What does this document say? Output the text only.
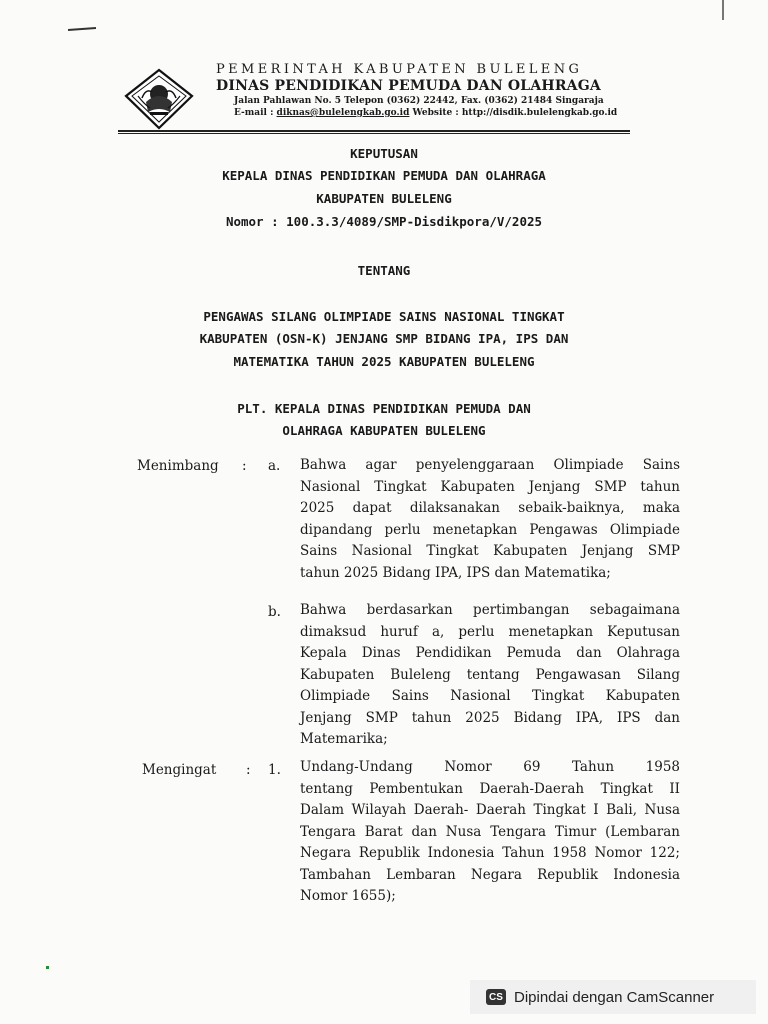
PEMERINTAH KABUPATEN BULELENG
DINAS PENDIDIKAN PEMUDA DAN OLAHRAGA
Jalan Pahlawan No. 5 Telepon (0362) 22442, Fax. (0362) 21484 Singaraja
E-mail : diknas@bulelengkab.go.id Website : http://disdik.bulelengkab.go.id
KEPUTUSAN
KEPALA DINAS PENDIDIKAN PEMUDA DAN OLAHRAGA
KABUPATEN BULELENG
Nomor : 100.3.3/4089/SMP-Disdikpora/V/2025
TENTANG
PENGAWAS SILANG OLIMPIADE SAINS NASIONAL TINGKAT
KABUPATEN (OSN-K) JENJANG SMP BIDANG IPA, IPS DAN
MATEMATIKA TAHUN 2025 KABUPATEN BULELENG
PLT. KEPALA DINAS PENDIDIKAN PEMUDA DAN
OLAHRAGA KABUPATEN BULELENG
Menimbang : a. Bahwa agar penyelenggaraan Olimpiade Sains
Nasional Tingkat Kabupaten Jenjang SMP tahun
2025 dapat dilaksanakan sebaik-baiknya, maka
dipandang perlu menetapkan Pengawas Olimpiade
Sains Nasional Tingkat Kabupaten Jenjang SMP
tahun 2025 Bidang IPA, IPS dan Matematika;
b. Bahwa berdasarkan pertimbangan sebagaimana
dimaksud huruf a, perlu menetapkan Keputusan
Kepala Dinas Pendidikan Pemuda dan Olahraga
Kabupaten Buleleng tentang Pengawasan Silang
Olimpiade Sains Nasional Tingkat Kabupaten
Jenjang SMP tahun 2025 Bidang IPA, IPS dan
Matemarika;
Mengingat : 1. Undang-Undang Nomor 69 Tahun 1958
tentang Pembentukan Daerah-Daerah Tingkat II
Dalam Wilayah Daerah- Daerah Tingkat I Bali, Nusa
Tengara Barat dan Nusa Tengara Timur (Lembaran
Negara Republik Indonesia Tahun 1958 Nomor 122;
Tambahan Lembaran Negara Republik Indonesia
Nomor 1655);
CS Dipindai dengan CamScanner
